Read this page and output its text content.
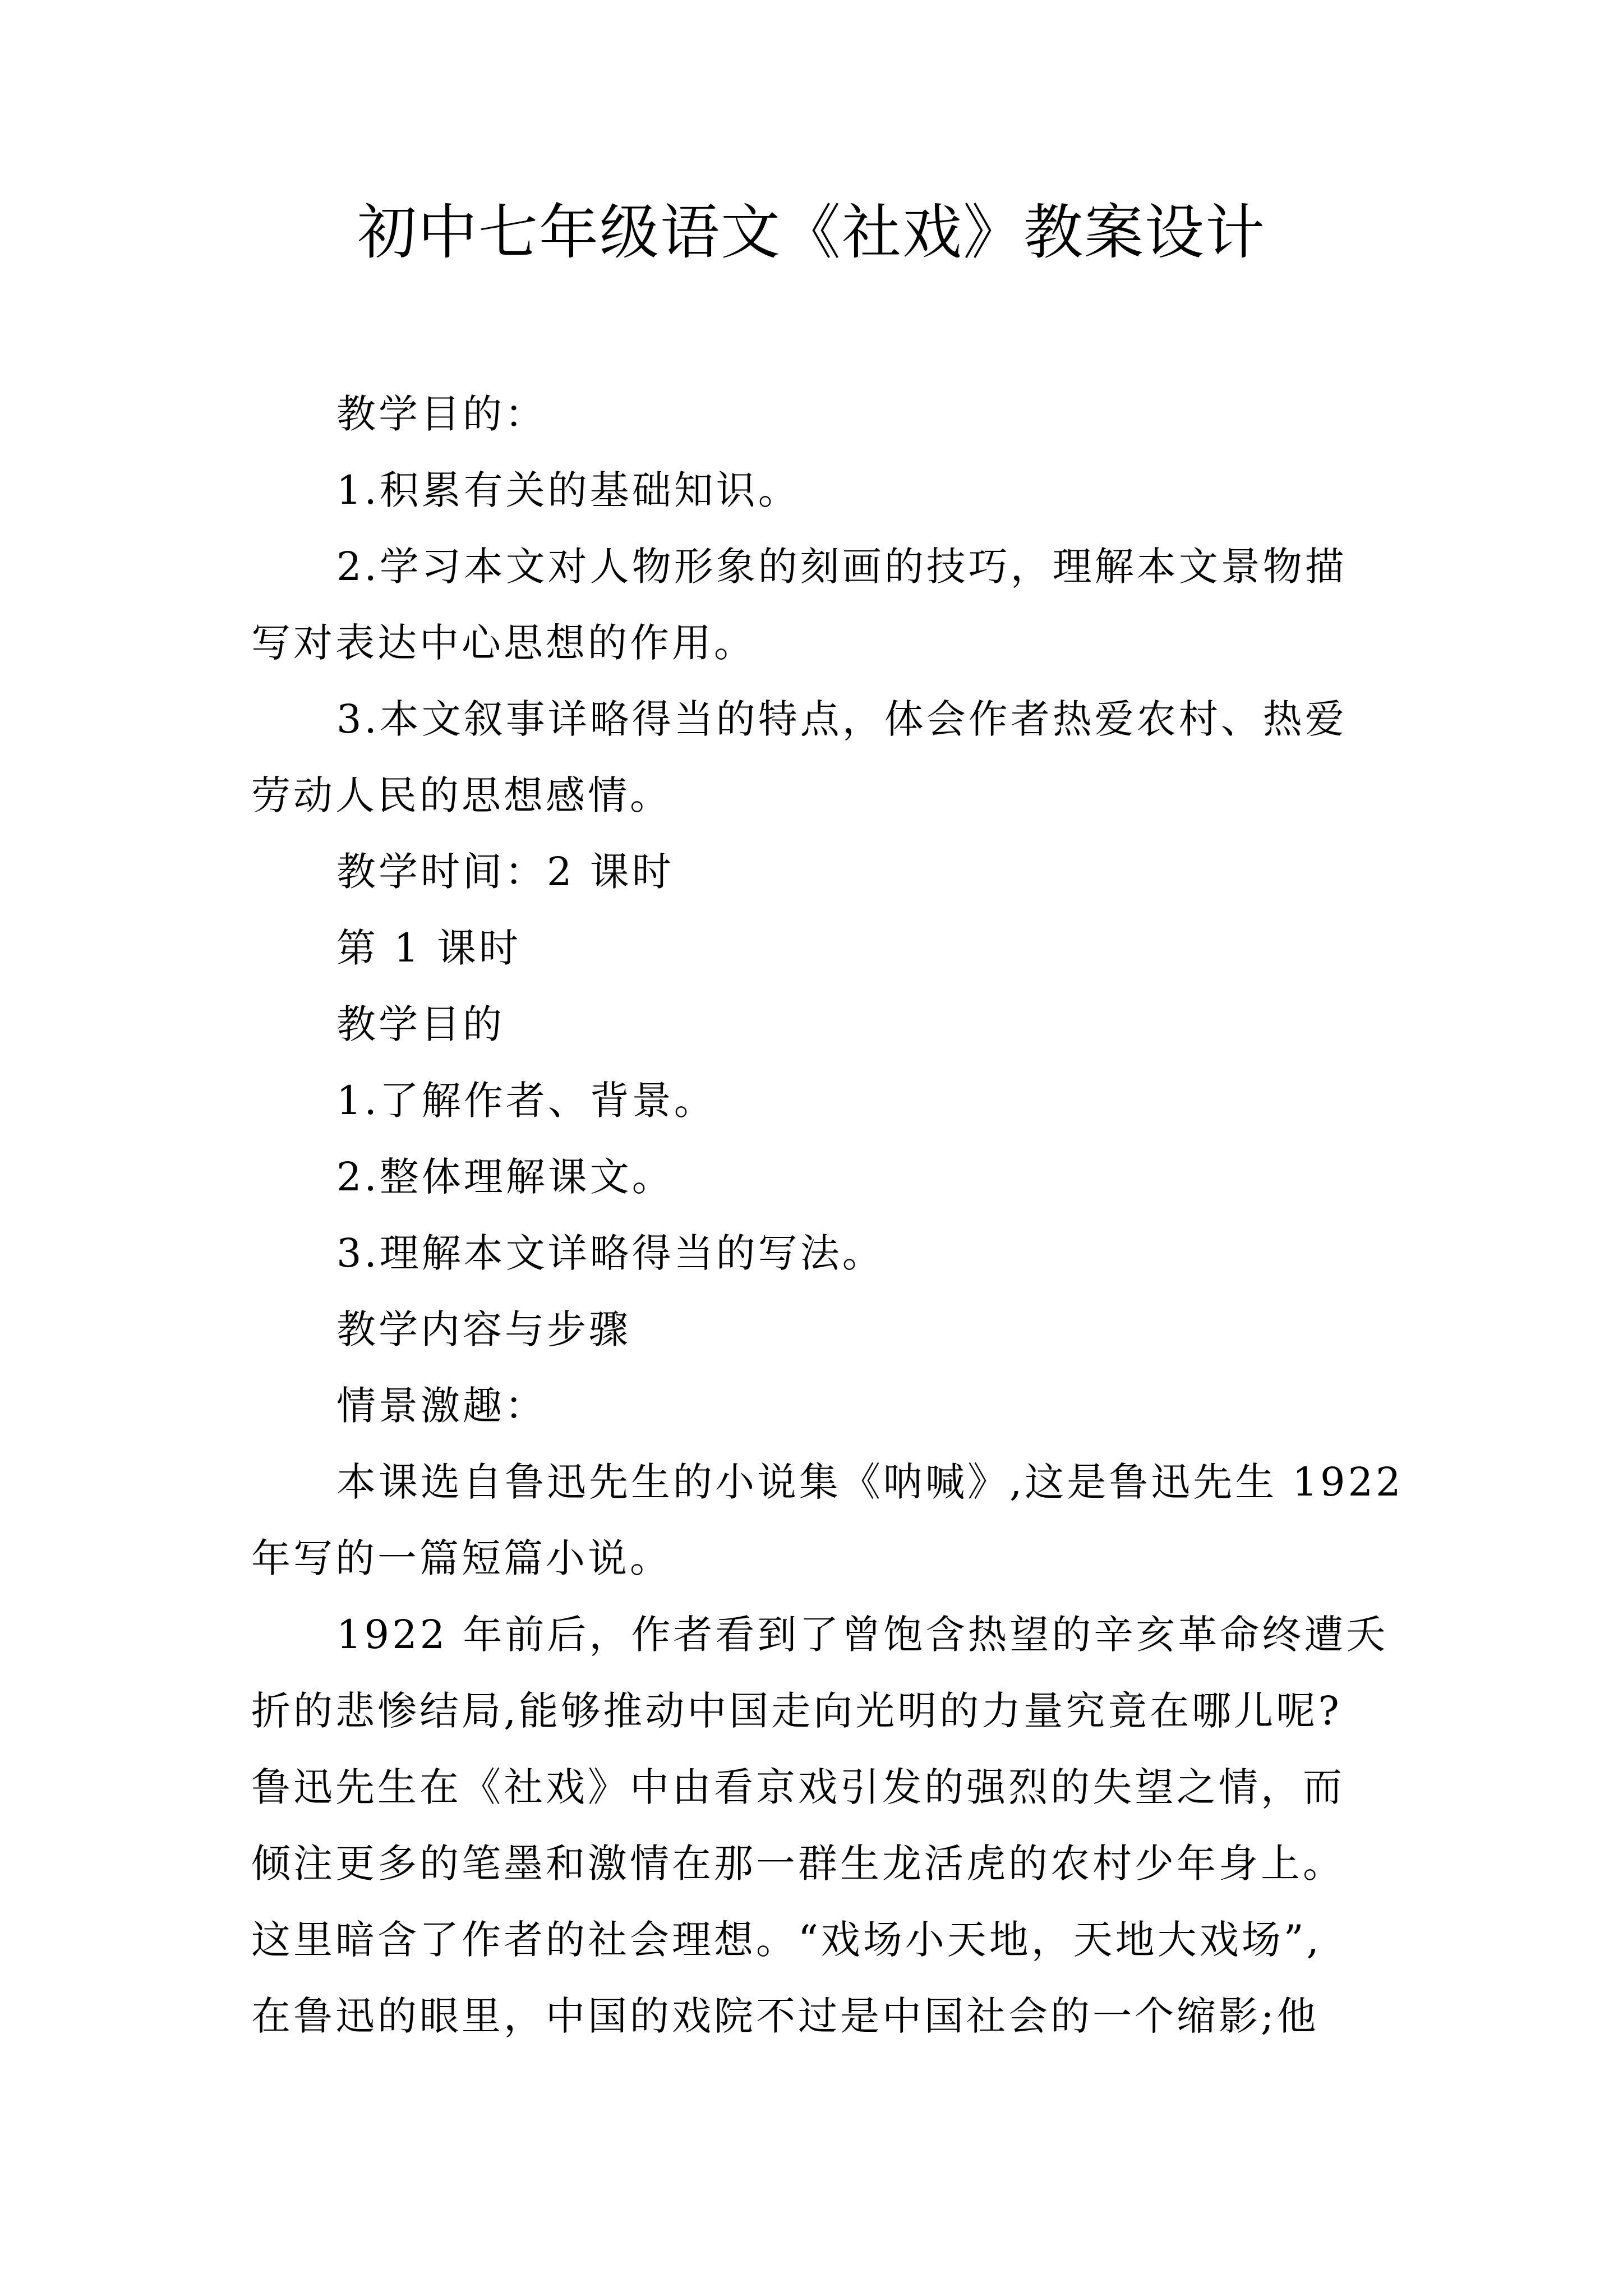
初中七年级语文《社戏》教案设计
教学目的：
1.积累有关的基础知识。
2.学习本文对人物形象的刻画的技巧，理解本文景物描
写对表达中心思想的作用。
3.本文叙事详略得当的特点，体会作者热爱农村、热爱
劳动人民的思想感情。
教学时间：2 课时
第 1 课时
教学目的
1.了解作者、背景。
2.整体理解课文。
3.理解本文详略得当的写法。
教学内容与步骤
情景激趣：
本课选自鲁迅先生的小说集《呐喊》,这是鲁迅先生 1922
年写的一篇短篇小说。
1922 年前后，作者看到了曾饱含热望的辛亥革命终遭夭
折的悲惨结局,能够推动中国走向光明的力量究竟在哪儿呢?
鲁迅先生在《社戏》中由看京戏引发的强烈的失望之情，而
倾注更多的笔墨和激情在那一群生龙活虎的农村少年身上。
这里暗含了作者的社会理想。“戏场小天地，天地大戏场”,
在鲁迅的眼里，中国的戏院不过是中国社会的一个缩影;他
